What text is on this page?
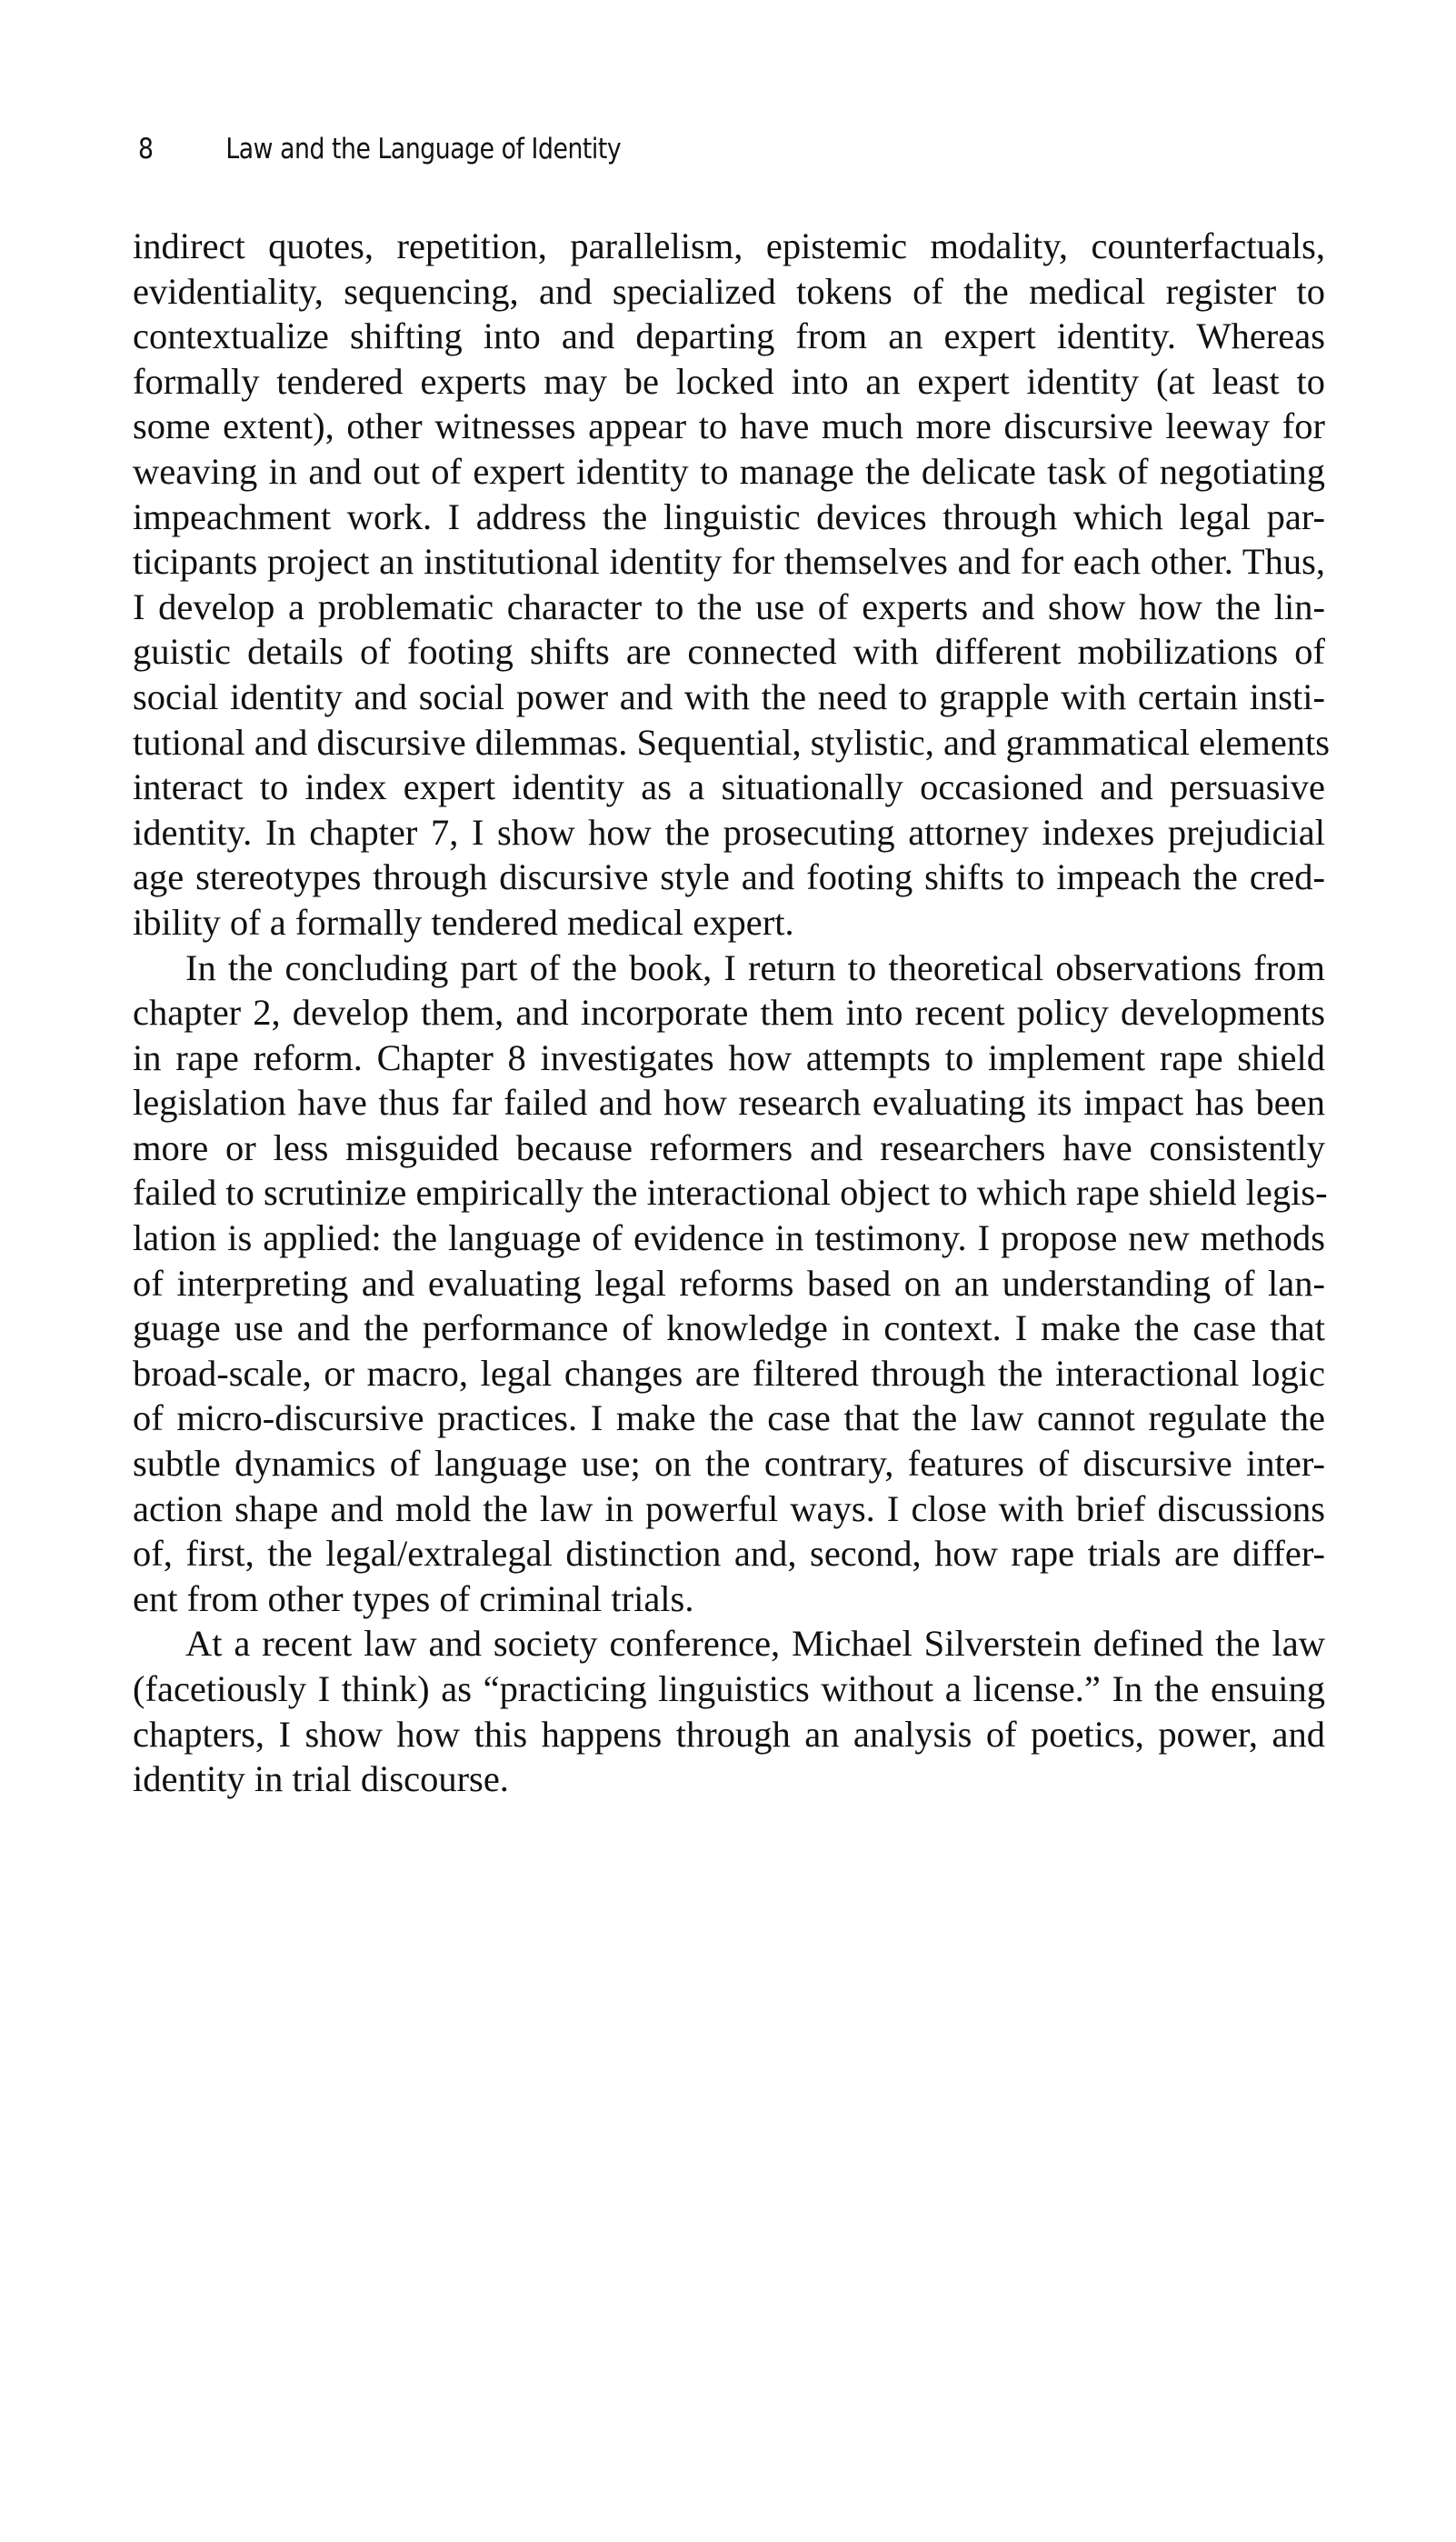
8	Law and the Language of Identity
indirect quotes, repetition, parallelism, epistemic modality, counterfactuals,
evidentiality, sequencing, and specialized tokens of the medical register to
contextualize shifting into and departing from an expert identity. Whereas
formally tendered experts may be locked into an expert identity (at least to
some extent), other witnesses appear to have much more discursive leeway for
weaving in and out of expert identity to manage the delicate task of negotiating
impeachment work. I address the linguistic devices through which legal par-
ticipants project an institutional identity for themselves and for each other. Thus,
I develop a problematic character to the use of experts and show how the lin-
guistic details of footing shifts are connected with different mobilizations of
social identity and social power and with the need to grapple with certain insti-
tutional and discursive dilemmas. Sequential, stylistic, and grammatical elements
interact to index expert identity as a situationally occasioned and persuasive
identity. In chapter 7, I show how the prosecuting attorney indexes prejudicial
age stereotypes through discursive style and footing shifts to impeach the cred-
ibility of a formally tendered medical expert.
In the concluding part of the book, I return to theoretical observations from
chapter 2, develop them, and incorporate them into recent policy developments
in rape reform. Chapter 8 investigates how attempts to implement rape shield
legislation have thus far failed and how research evaluating its impact has been
more or less misguided because reformers and researchers have consistently
failed to scrutinize empirically the interactional object to which rape shield legis-
lation is applied: the language of evidence in testimony. I propose new methods
of interpreting and evaluating legal reforms based on an understanding of lan-
guage use and the performance of knowledge in context. I make the case that
broad-scale, or macro, legal changes are filtered through the interactional logic
of micro-discursive practices. I make the case that the law cannot regulate the
subtle dynamics of language use; on the contrary, features of discursive inter-
action shape and mold the law in powerful ways. I close with brief discussions
of, first, the legal/extralegal distinction and, second, how rape trials are differ-
ent from other types of criminal trials.
At a recent law and society conference, Michael Silverstein defined the law
(facetiously I think) as “practicing linguistics without a license.” In the ensuing
chapters, I show how this happens through an analysis of poetics, power, and
identity in trial discourse.
